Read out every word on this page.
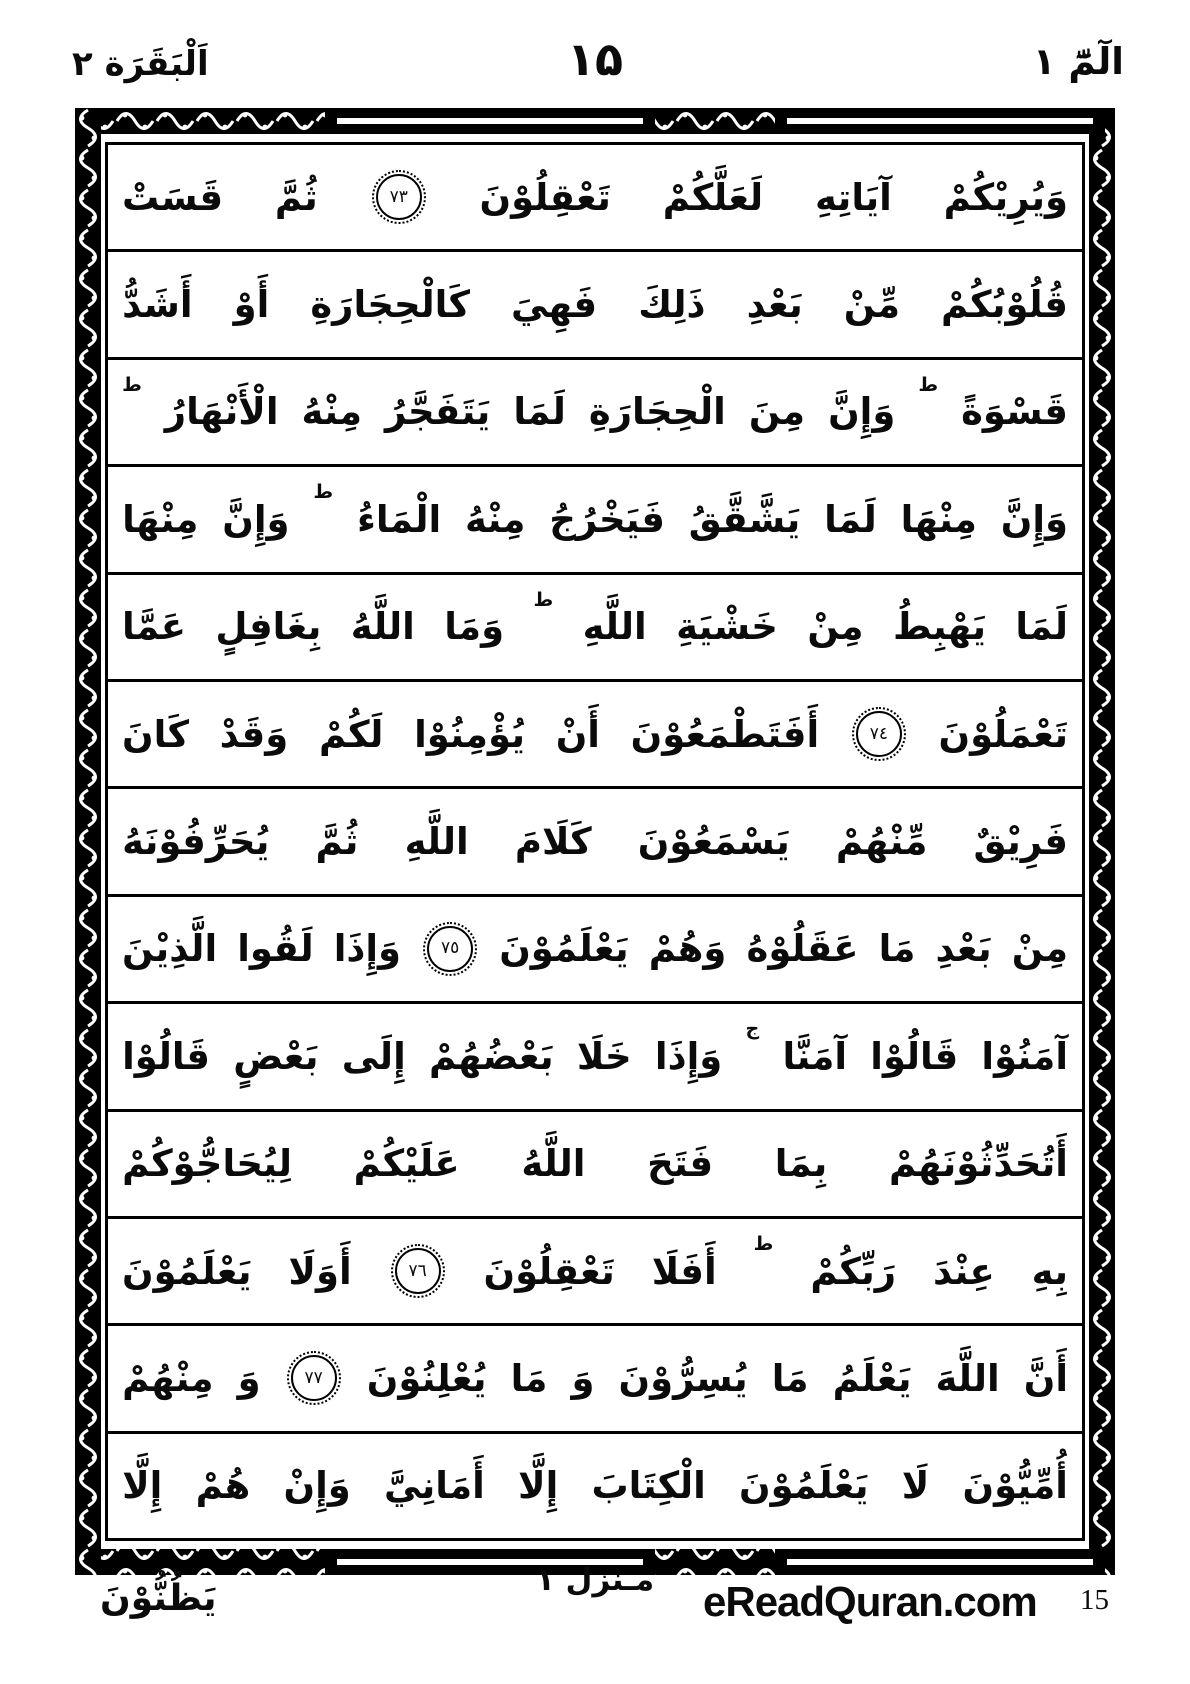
اَلْبَقَرَة ٢	۱۵	الٓمّٓ ١
وَيُرِيْكُمْ
آيَاتِهِ
لَعَلَّكُمْ
تَعْقِلُوْنَ
٧٣
ثُمَّ
قَسَتْ
قُلُوْبُكُمْ
مِّنْ
بَعْدِ
ذَلِكَ
فَهِيَ
كَالْحِجَارَةِ
أَوْ
أَشَدُّ
قَسْوَةً
ط
وَإِنَّ
مِنَ
الْحِجَارَةِ
لَمَا
يَتَفَجَّرُ
مِنْهُ
الْأَنْهَارُ
ط
وَإِنَّ
مِنْهَا
لَمَا
يَشَّقَّقُ
فَيَخْرُجُ
مِنْهُ
الْمَاءُ
ط
وَإِنَّ
مِنْهَا
لَمَا
يَهْبِطُ
مِنْ
خَشْيَةِ
اللَّهِ
ط
وَمَا
اللَّهُ
بِغَافِلٍ
عَمَّا
تَعْمَلُوْنَ
٧٤
أَفَتَطْمَعُوْنَ
أَنْ
يُؤْمِنُوْا
لَكُمْ
وَقَدْ
كَانَ
فَرِيْقٌ
مِّنْهُمْ
يَسْمَعُوْنَ
كَلَامَ
اللَّهِ
ثُمَّ
يُحَرِّفُوْنَهُ
مِنْ
بَعْدِ
مَا
عَقَلُوْهُ
وَهُمْ
يَعْلَمُوْنَ
٧٥
وَإِذَا
لَقُوا
الَّذِيْنَ
آمَنُوْا
قَالُوْا
آمَنَّا
ج
وَإِذَا
خَلَا
بَعْضُهُمْ
إِلَى
بَعْضٍ
قَالُوْا
أَتُحَدِّثُوْنَهُمْ
بِمَا
فَتَحَ
اللَّهُ
عَلَيْكُمْ
لِيُحَاجُّوْكُمْ
بِهِ
عِنْدَ
رَبِّكُمْ
ط
أَفَلَا
تَعْقِلُوْنَ
٧٦
أَوَلَا
يَعْلَمُوْنَ
أَنَّ
اللَّهَ
يَعْلَمُ
مَا
يُسِرُّوْنَ
وَ
مَا
يُعْلِنُوْنَ
٧٧
وَ
مِنْهُمْ
أُمِّيُّوْنَ
لَا
يَعْلَمُوْنَ
الْكِتَابَ
إِلَّا
أَمَانِيَّ
وَإِنْ
هُمْ
إِلَّا
يَظُنُّوْنَ	مـنزل ١ eReadQuran.com 15
